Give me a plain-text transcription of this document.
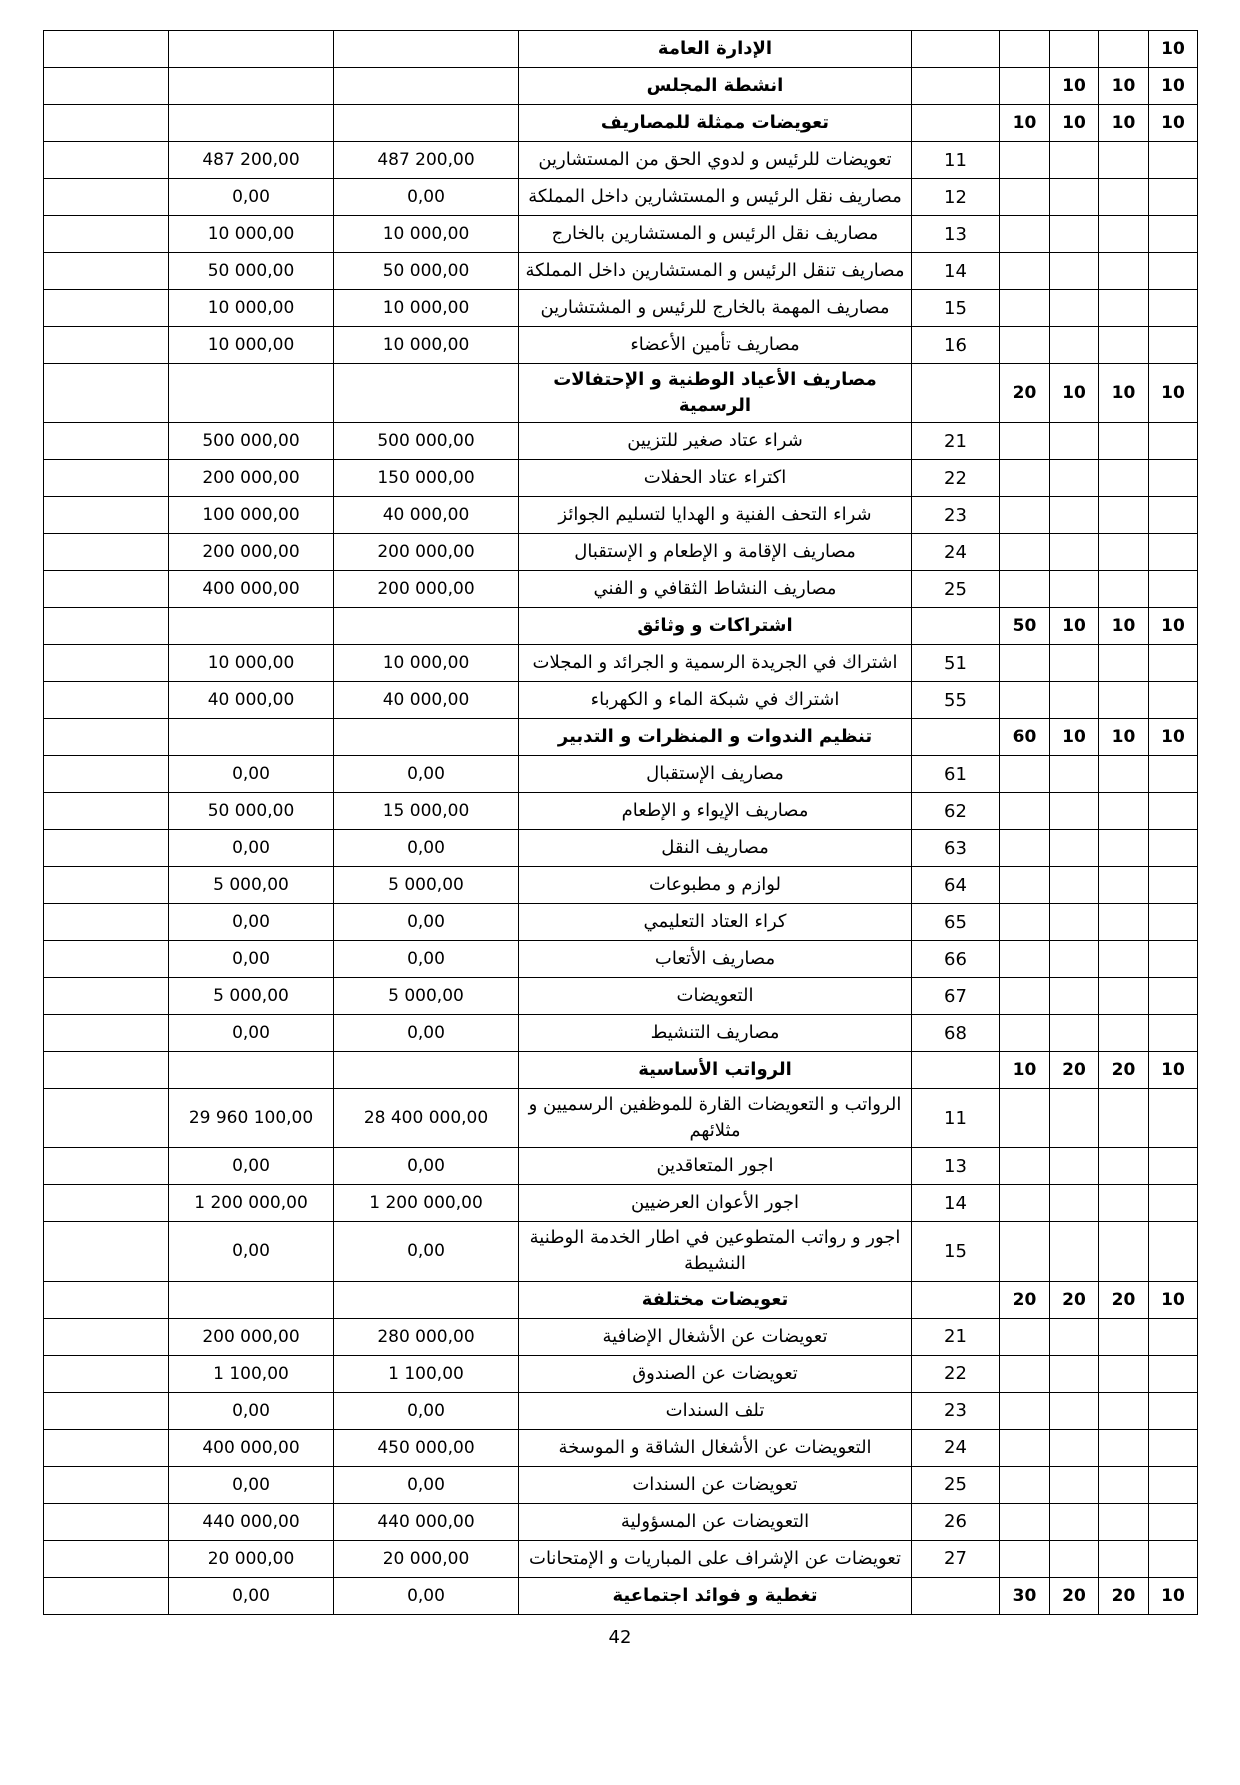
			الإدارة العامة					10
			انشطة المجلس			10	10	10
			تعويضات ممثلة للمصاريف		10	10	10	10
	487 200,00	487 200,00	تعويضات للرئيس و لدوي الحق من المستشارين	11				
	0,00	0,00	مصاريف نقل الرئيس و المستشارين داخل المملكة	12				
	10 000,00	10 000,00	مصاريف نقل الرئيس و المستشارين بالخارج	13				
	50 000,00	50 000,00	مصاريف تنقل الرئيس و المستشارين داخل المملكة	14				
	10 000,00	10 000,00	مصاريف المهمة بالخارج للرئيس و المشتشارين	15				
	10 000,00	10 000,00	مصاريف تأمين الأعضاء	16				
			مصاريف الأعياد الوطنية و الإحتفالات الرسمية		20	10	10	10
	500 000,00	500 000,00	شراء عتاد صغير للتزيين	21				
	200 000,00	150 000,00	اكتراء عتاد الحفلات	22				
	100 000,00	40 000,00	شراء التحف الفنية و الهدايا لتسليم الجوائز	23				
	200 000,00	200 000,00	مصاريف الإقامة و الإطعام و الإستقبال	24				
	400 000,00	200 000,00	مصاريف النشاط الثقافي و الفني	25				
			اشتراكات و وثائق		50	10	10	10
	10 000,00	10 000,00	اشتراك في الجريدة الرسمية و الجرائد و المجلات	51				
	40 000,00	40 000,00	اشتراك في شبكة الماء و الكهرباء	55				
			تنظيم الندوات و المنظرات و التدبير		60	10	10	10
	0,00	0,00	مصاريف الإستقبال	61				
	50 000,00	15 000,00	مصاريف الإيواء و الإطعام	62				
	0,00	0,00	مصاريف النقل	63				
	5 000,00	5 000,00	لوازم و مطبوعات	64				
	0,00	0,00	كراء العتاد التعليمي	65				
	0,00	0,00	مصاريف الأتعاب	66				
	5 000,00	5 000,00	التعويضات	67				
	0,00	0,00	مصاريف التنشيط	68				
			الرواتب الأساسية		10	20	20	10
	29 960 100,00	28 400 000,00	الرواتب و التعويضات القارة للموظفين الرسميين و مثلائهم	11				
	0,00	0,00	اجور المتعاقدين	13				
	1 200 000,00	1 200 000,00	اجور الأعوان العرضيين	14				
	0,00	0,00	اجور و رواتب المتطوعين في اطار الخدمة الوطنية النشيطة	15				
			تعويضات مختلفة		20	20	20	10
	200 000,00	280 000,00	تعويضات عن الأشغال الإضافية	21				
	1 100,00	1 100,00	تعويضات عن الصندوق	22				
	0,00	0,00	تلف السندات	23				
	400 000,00	450 000,00	التعويضات عن الأشغال الشاقة و الموسخة	24				
	0,00	0,00	تعويضات عن السندات	25				
	440 000,00	440 000,00	التعويضات عن المسؤولية	26				
	20 000,00	20 000,00	تعويضات عن الإشراف على المباريات و الإمتحانات	27				
	0,00	0,00	تغطية و فوائد اجتماعية		30	20	20	10
42
